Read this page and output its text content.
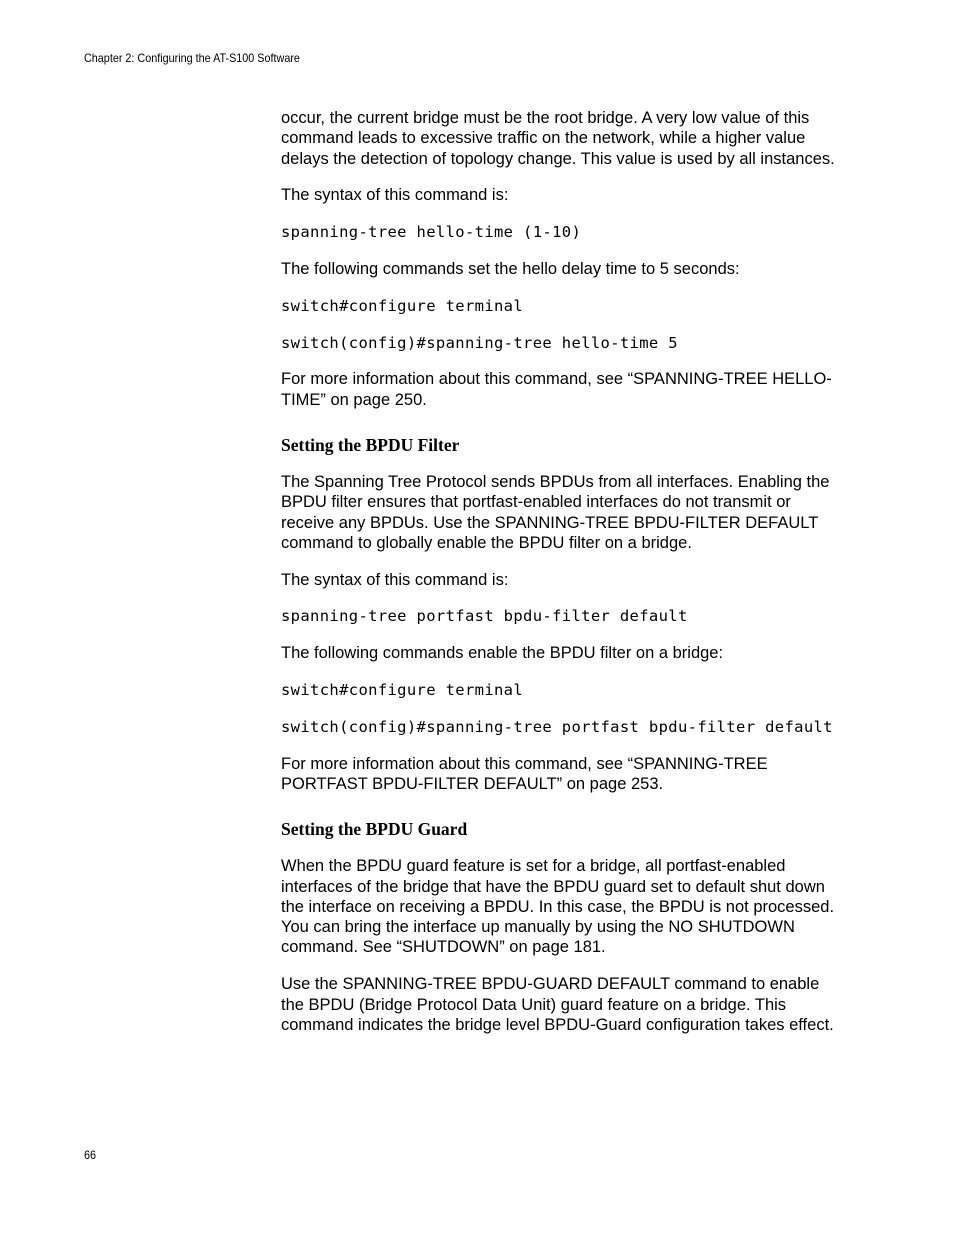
Chapter 2: Configuring the AT-S100 Software

occur, the current bridge must be the root bridge. A very low value of this command leads to excessive traffic on the network, while a higher value delays the detection of topology change. This value is used by all instances.

The syntax of this command is:

spanning-tree hello-time (1-10)

The following commands set the hello delay time to 5 seconds:

switch#configure terminal
switch(config)#spanning-tree hello-time 5

For more information about this command, see “SPANNING-TREE HELLO-TIME” on page 250.

Setting the BPDU Filter

The Spanning Tree Protocol sends BPDUs from all interfaces. Enabling the BPDU filter ensures that portfast-enabled interfaces do not transmit or receive any BPDUs. Use the SPANNING-TREE BPDU-FILTER DEFAULT command to globally enable the BPDU filter on a bridge.

The syntax of this command is:

spanning-tree portfast bpdu-filter default

The following commands enable the BPDU filter on a bridge:

switch#configure terminal
switch(config)#spanning-tree portfast bpdu-filter default

For more information about this command, see “SPANNING-TREE PORTFAST BPDU-FILTER DEFAULT” on page 253.

Setting the BPDU Guard

When the BPDU guard feature is set for a bridge, all portfast-enabled interfaces of the bridge that have the BPDU guard set to default shut down the interface on receiving a BPDU. In this case, the BPDU is not processed. You can bring the interface up manually by using the NO SHUTDOWN command. See “SHUTDOWN” on page 181.

Use the SPANNING-TREE BPDU-GUARD DEFAULT command to enable the BPDU (Bridge Protocol Data Unit) guard feature on a bridge. This command indicates the bridge level BPDU-Guard configuration takes effect.

66
